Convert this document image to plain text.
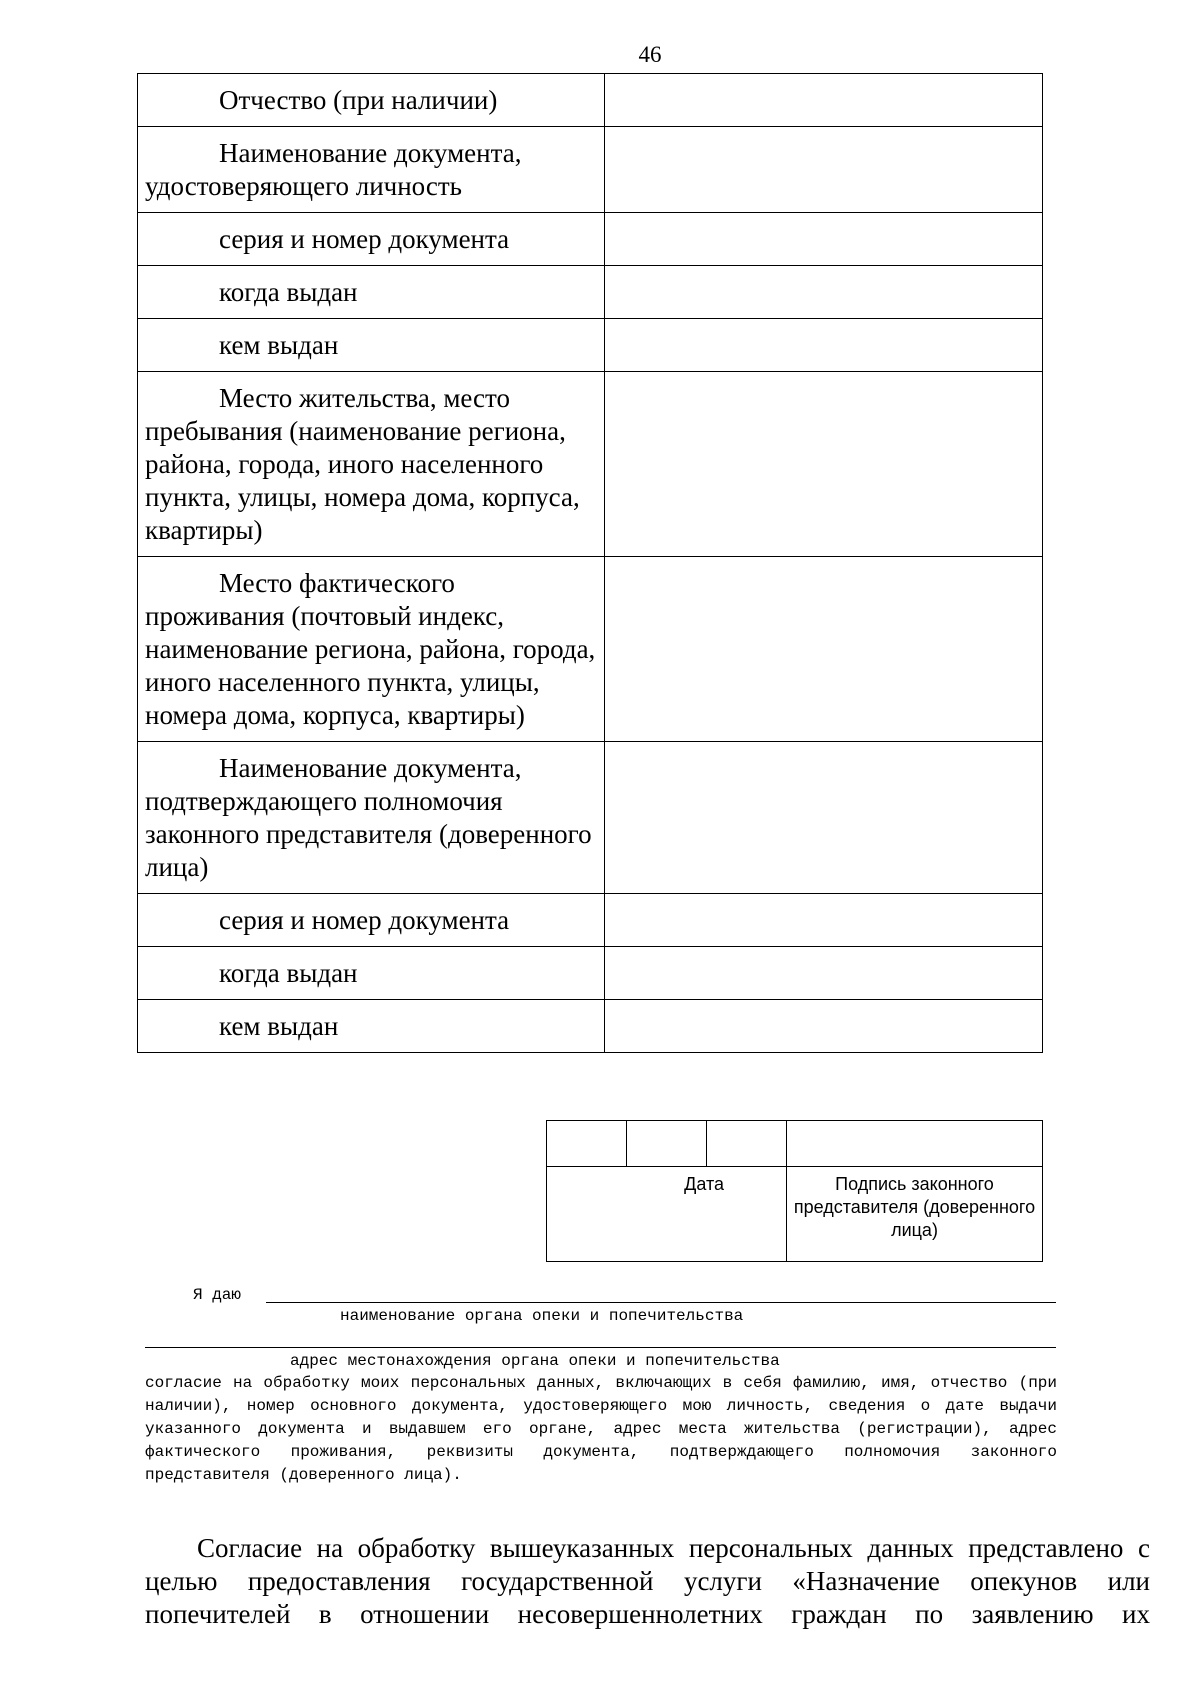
46
Отчество (при наличии)	
Наименование документа, удостоверяющего личность	
серия и номер документа	
когда выдан	
кем выдан	
Место жительства, место пребывания (наименование региона, района, города, иного населенного пункта, улицы, номера дома, корпуса, квартиры)	
Место фактического проживания (почтовый индекс, наименование региона, района, города, иного населенного пункта, улицы, номера дома, корпуса, квартиры)	
Наименование документа, подтверждающего полномочия законного представителя (доверенного лица)	
серия и номер документа	
когда выдан	
кем выдан	

Дата			Подпись законного представителя (доверенного лица)
Я даю
наименование органа опеки и попечительства
адрес местонахождения органа опеки и попечительства
согласие на обработку моих персональных данных, включающих в себя фамилию, имя, отчество (при наличии), номер основного документа, удостоверяющего мою личность, сведения о дате выдачи указанного документа и выдавшем его органе, адрес места жительства (регистрации), адрес фактического проживания, реквизиты документа, подтверждающего полномочия законного представителя (доверенного лица).
Согласие на обработку вышеуказанных персональных данных представлено с целью предоставления государственной услуги «Назначение опекунов или попечителей в отношении несовершеннолетних граждан по заявлению их
